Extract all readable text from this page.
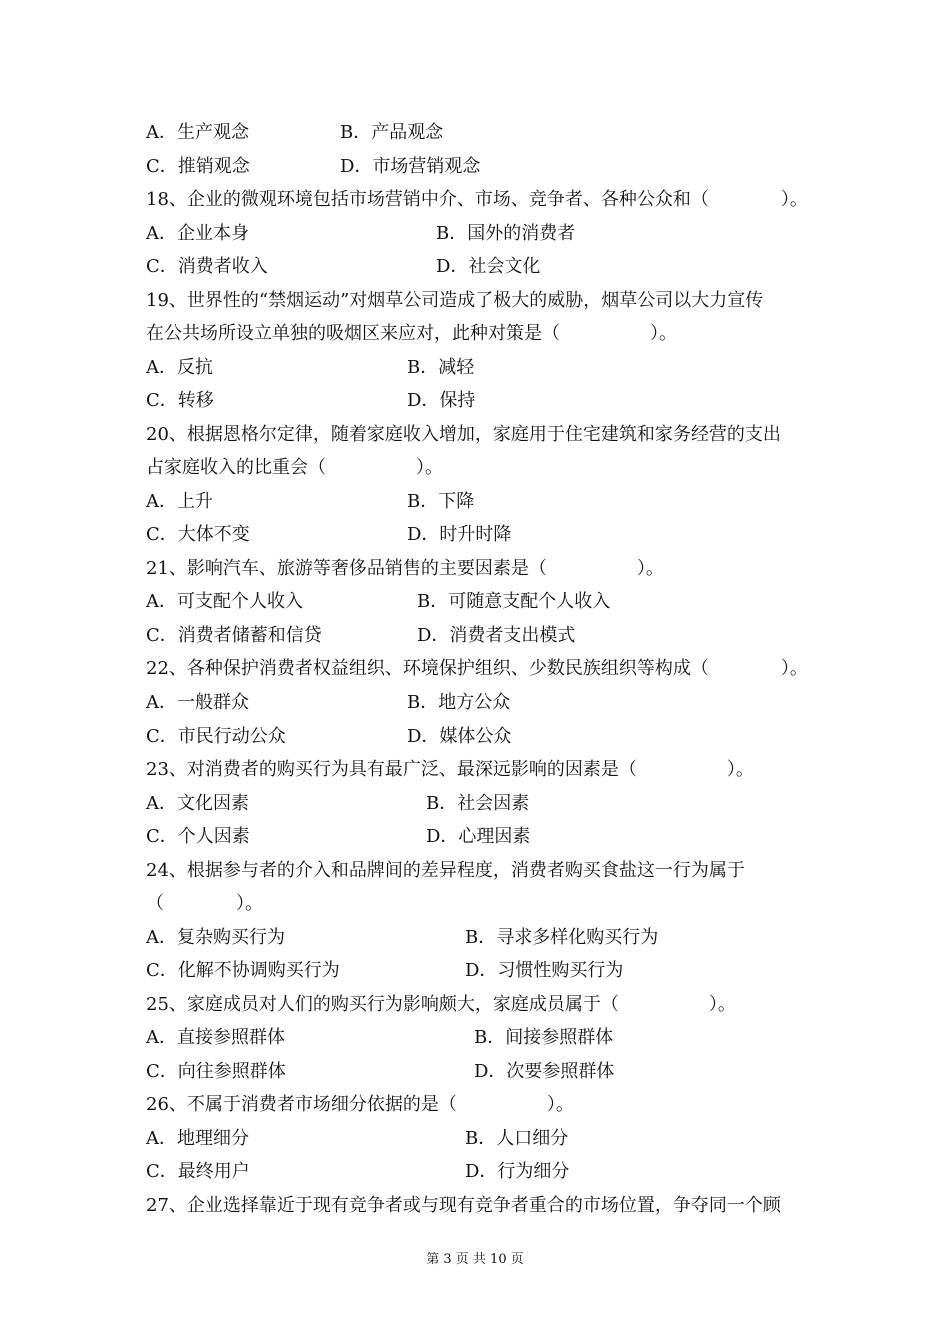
A．生产观念	B．产品观念
C．推销观念	D．市场营销观念
18、企业的微观环境包括市场营销中介、市场、竞争者、各种公众和（　　　　）。
A．企业本身	B．国外的消费者
C．消费者收入	D．社会文化
19、世界性的“禁烟运动”对烟草公司造成了极大的威胁，烟草公司以大力宣传
在公共场所设立单独的吸烟区来应对，此种对策是（　　　　　）。
A．反抗	B．减轻
C．转移	D．保持
20、根据恩格尔定律，随着家庭收入增加，家庭用于住宅建筑和家务经营的支出
占家庭收入的比重会（　　　　　）。
A．上升	B．下降
C．大体不变	D．时升时降
21、影响汽车、旅游等奢侈品销售的主要因素是（　　　　　）。
A．可支配个人收入	B．可随意支配个人收入
C．消费者储蓄和信贷	D．消费者支出模式
22、各种保护消费者权益组织、环境保护组织、少数民族组织等构成（　　　　）。
A．一般群众	B．地方公众
C．市民行动公众	D．媒体公众
23、对消费者的购买行为具有最广泛、最深远影响的因素是（　　　　　）。
A．文化因素	B．社会因素
C．个人因素	D．心理因素
24、根据参与者的介入和品牌间的差异程度，消费者购买食盐这一行为属于
（　　　　）。
A．复杂购买行为	B．寻求多样化购买行为
C．化解不协调购买行为	D．习惯性购买行为
25、家庭成员对人们的购买行为影响颇大，家庭成员属于（　　　　　）。
A．直接参照群体	B．间接参照群体
C．向往参照群体	D．次要参照群体
26、不属于消费者市场细分依据的是（　　　　　）。
A．地理细分	B．人口细分
C．最终用户	D．行为细分
27、企业选择靠近于现有竞争者或与现有竞争者重合的市场位置，争夺同一个顾
第 3 页 共 10 页
